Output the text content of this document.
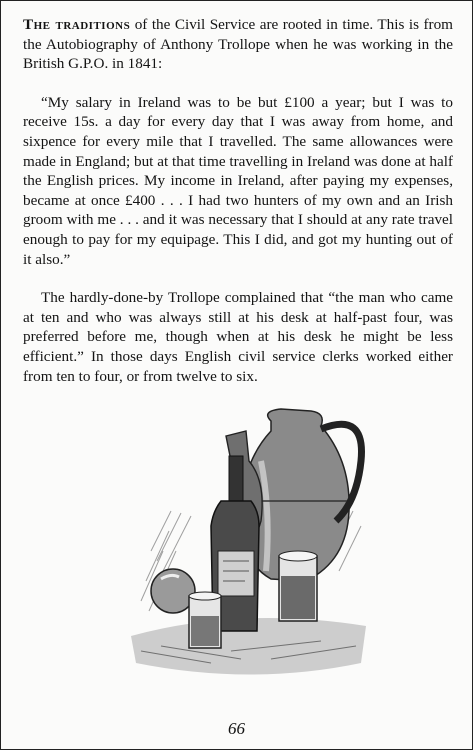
The traditions of the Civil Service are rooted in time. This is from the Autobiography of Anthony Trollope when he was working in the British G.P.O. in 1841:

“My salary in Ireland was to be but £100 a year; but I was to receive 15s. a day for every day that I was away from home, and sixpence for every mile that I travelled. The same allowances were made in England; but at that time travelling in Ireland was done at half the English prices. My income in Ireland, after paying my expenses, became at once £400 . . . I had two hunters of my own and an Irish groom with me . . . and it was necessary that I should at any rate travel enough to pay for my equipage. This I did, and got my hunting out of it also.”

The hardly-done-by Trollope complained that “the man who came at ten and who was always still at his desk at half-past four, was preferred before me, though when at his desk he might be less efficient.” In those days English civil service clerks worked either from ten to four, or from twelve to six.

66
